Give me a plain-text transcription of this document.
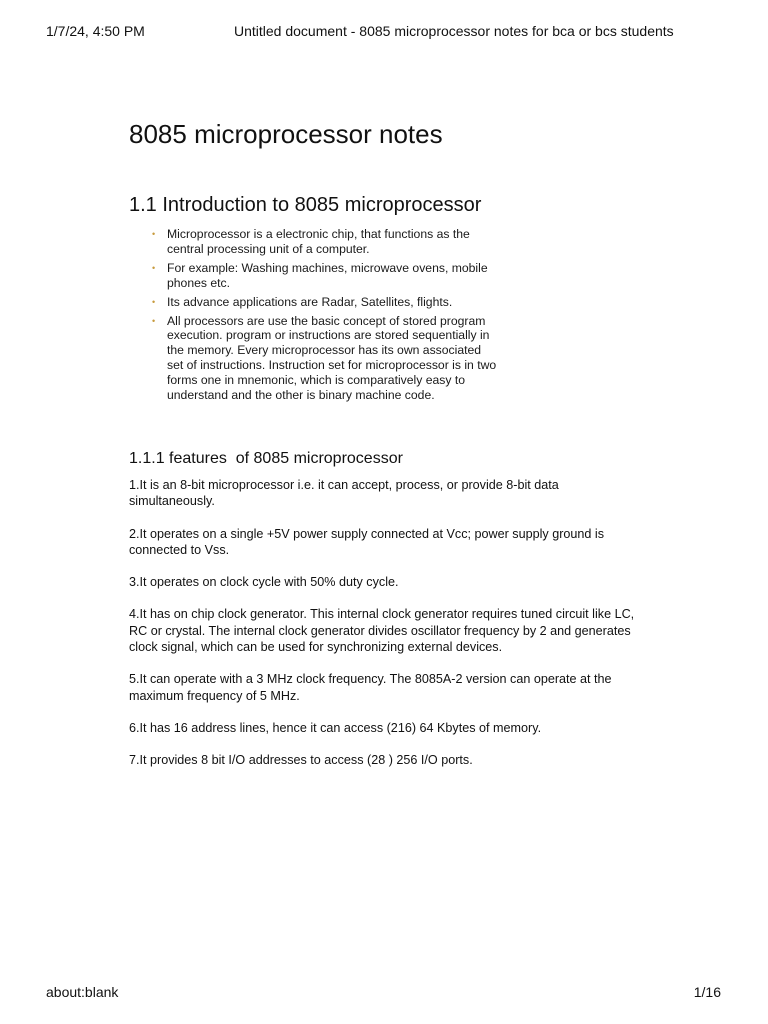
1/7/24, 4:50 PM	Untitled document - 8085 microprocessor notes for bca or bcs students
8085 microprocessor notes
1.1 Introduction to 8085 microprocessor
• Microprocessor is a electronic chip, that functions as the central processing unit of a computer.
• For example: Washing machines, microwave ovens, mobile phones etc.
• Its advance applications are Radar, Satellites, flights.
• All processors are use the basic concept of stored program execution. program or instructions are stored sequentially in the memory. Every microprocessor has its own associated set of instructions. Instruction set for microprocessor is in two forms one in mnemonic, which is comparatively easy to understand and the other is binary machine code.
1.1.1 features  of 8085 microprocessor

1.It is an 8-bit microprocessor i.e. it can accept, process, or provide 8-bit data simultaneously.

2.It operates on a single +5V power supply connected at Vcc; power supply ground is connected to Vss.

3.It operates on clock cycle with 50% duty cycle.

4.It has on chip clock generator. This internal clock generator requires tuned circuit like LC, RC or crystal. The internal clock generator divides oscillator frequency by 2 and generates clock signal, which can be used for synchronizing external devices.

5.It can operate with a 3 MHz clock frequency. The 8085A-2 version can operate at the maximum frequency of 5 MHz.

6.It has 16 address lines, hence it can access (216) 64 Kbytes of memory.

7.It provides 8 bit I/O addresses to access (28 ) 256 I/O ports.

about:blank	1/16
